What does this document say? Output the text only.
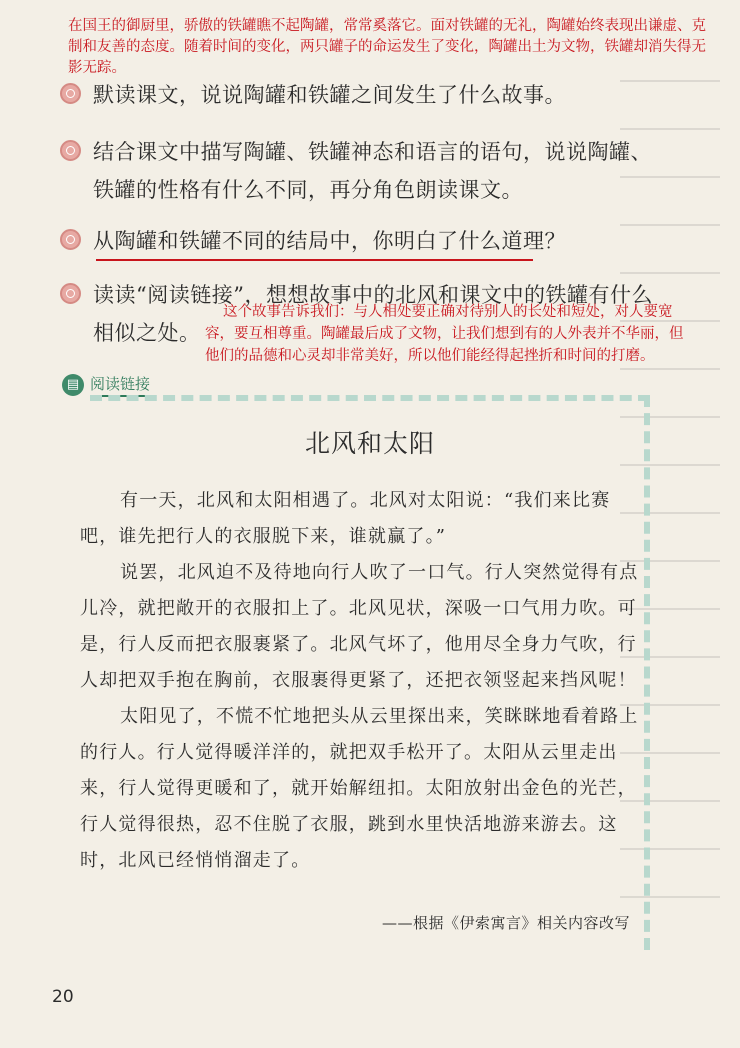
在国王的御厨里，骄傲的铁罐瞧不起陶罐，常常奚落它。面对铁罐的无礼，陶罐始终表现出谦虚、克制和友善的态度。随着时间的变化，两只罐子的命运发生了变化，陶罐出土为文物，铁罐却消失得无影无踪。

默读课文，说说陶罐和铁罐之间发生了什么故事。

结合课文中描写陶罐、铁罐神态和语言的语句，说说陶罐、铁罐的性格有什么不同，再分角色朗读课文。

从陶罐和铁罐不同的结局中，你明白了什么道理？

读读“阅读链接”，想想故事中的北风和课文中的铁罐有什么相似之处。

这个故事告诉我们：与人相处要正确对待别人的长处和短处，对人要宽容，要互相尊重。陶罐最后成了文物，让我们想到有的人外表并不华丽，但他们的品德和心灵却非常美好，所以他们能经得起挫折和时间的打磨。

▤ 阅读链接
北风和太阳

有一天，北风和太阳相遇了。北风对太阳说：“我们来比赛吧，谁先把行人的衣服脱下来，谁就赢了。”

说罢，北风迫不及待地向行人吹了一口气。行人突然觉得有点儿冷，就把敞开的衣服扣上了。北风见状，深吸一口气用力吹。可是，行人反而把衣服裹紧了。北风气坏了，他用尽全身力气吹，行人却把双手抱在胸前，衣服裹得更紧了，还把衣领竖起来挡风呢！

太阳见了，不慌不忙地把头从云里探出来，笑眯眯地看着路上的行人。行人觉得暖洋洋的，就把双手松开了。太阳从云里走出来，行人觉得更暖和了，就开始解纽扣。太阳放射出金色的光芒，行人觉得很热，忍不住脱了衣服，跳到水里快活地游来游去。这时，北风已经悄悄溜走了。

——根据《伊索寓言》相关内容改写
20
